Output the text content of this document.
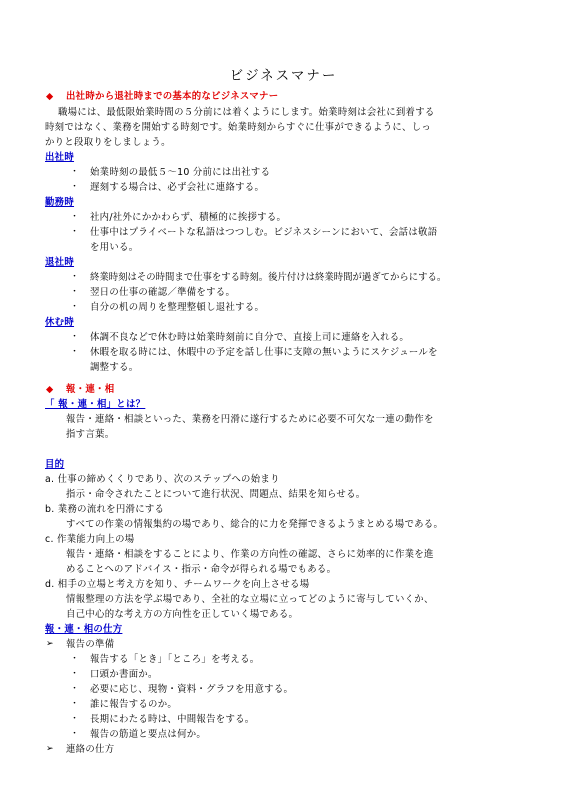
ビジネスマナー
◆ 出社時から退社時までの基本的なビジネスマナー
職場には、最低限始業時間の５分前には着くようにします。始業時刻は会社に到着する
時刻ではなく、業務を開始する時刻です。始業時刻からすぐに仕事ができるように、しっ
かりと段取りをしましょう。
出社時
・ 始業時刻の最低５～10 分前には出社する
・ 遅刻する場合は、必ず会社に連絡する。
勤務時
・ 社内/社外にかかわらず、積極的に挨拶する。
・ 仕事中はプライベートな私語はつつしむ。ビジネスシーンにおいて、会話は敬語
を用いる。
退社時
・ 終業時刻はその時間まで仕事をする時刻。後片付けは終業時間が過ぎてからにする。
・ 翌日の仕事の確認／準備をする。
・ 自分の机の周りを整理整頓し退社する。
休む時
・ 体調不良などで休む時は始業時刻前に自分で、直接上司に連絡を入れる。
・ 休暇を取る時には、休暇中の予定を話し仕事に支障の無いようにスケジュールを
調整する。
◆ 報・連・相
「 報・連・相」とは？
報告・連絡・相談といった、業務を円滑に遂行するために必要不可欠な一連の動作を
指す言葉。
目的
a. 仕事の締めくくりであり、次のステップへの始まり
指示・命令されたことについて進行状況、問題点、結果を知らせる。
b. 業務の流れを円滑にする
すべての作業の情報集約の場であり、総合的に力を発揮できるようまとめる場である。
c. 作業能力向上の場
報告・連絡・相談をすることにより、作業の方向性の確認、さらに効率的に作業を進
めることへのアドバイス・指示・命令が得られる場でもある。
d. 相手の立場と考え方を知り、チームワークを向上させる場
情報整理の方法を学ぶ場であり、全社的な立場に立ってどのように寄与していくか、
自己中心的な考え方の方向性を正していく場である。
報・連・相の仕方
➢ 報告の準備
・ 報告する「とき」「ところ」を考える。
・ 口頭か書面か。
・ 必要に応じ、現物・資料・グラフを用意する。
・ 誰に報告するのか。
・ 長期にわたる時は、中間報告をする。
・ 報告の筋道と要点は何か。
➢ 連絡の仕方
